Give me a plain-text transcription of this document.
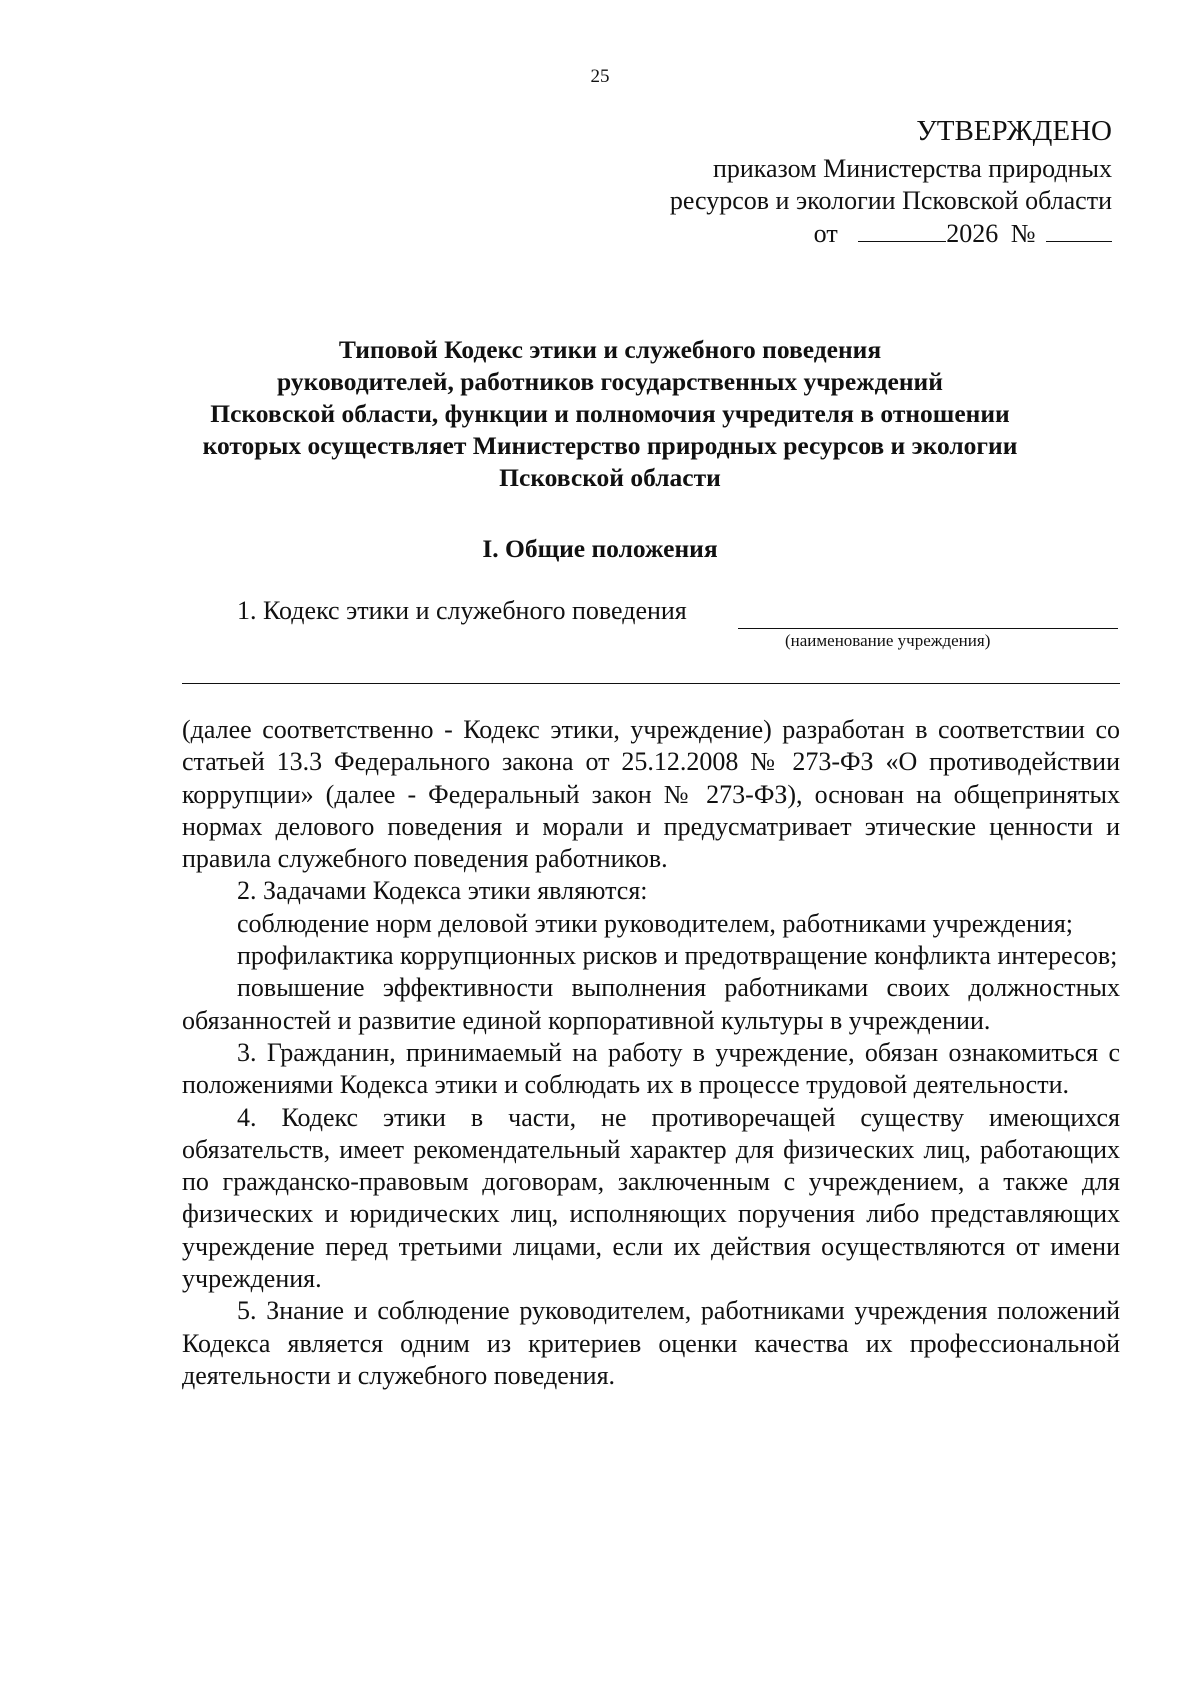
25
УТВЕРЖДЕНО
приказом Министерства природных
ресурсов и экологии Псковской области
от	2026 №
Типовой Кодекс этики и служебного поведения
руководителей, работников государственных учреждений
Псковской области, функции и полномочия учредителя в отношении
которых осуществляет Министерство природных ресурсов и экологии
Псковской области
I. Общие положения
1. Кодекс этики и служебного поведения
(наименование учреждения)

(далее соответственно - Кодекс этики, учреждение) разработан в соответствии со статьей 13.3 Федерального закона от 25.12.2008 № 273-ФЗ «О противодействии коррупции» (далее - Федеральный закон № 273-ФЗ), основан на общепринятых нормах делового поведения и морали и предусматривает этические ценности и правила служебного поведения работников.

2. Задачами Кодекса этики являются:

соблюдение норм деловой этики руководителем, работниками учреждения;

профилактика коррупционных рисков и предотвращение конфликта интересов;

повышение эффективности выполнения работниками своих должностных обязанностей и развитие единой корпоративной культуры в учреждении.

3. Гражданин, принимаемый на работу в учреждение, обязан ознакомиться с положениями Кодекса этики и соблюдать их в процессе трудовой деятельности.

4. Кодекс этики в части, не противоречащей существу имеющихся обязательств, имеет рекомендательный характер для физических лиц, работающих по гражданско-правовым договорам, заключенным с учреждением, а также для физических и юридических лиц, исполняющих поручения либо представляющих учреждение перед третьими лицами, если их действия осуществляются от имени учреждения.

5. Знание и соблюдение руководителем, работниками учреждения положений Кодекса является одним из критериев оценки качества их профессиональной деятельности и служебного поведения.
